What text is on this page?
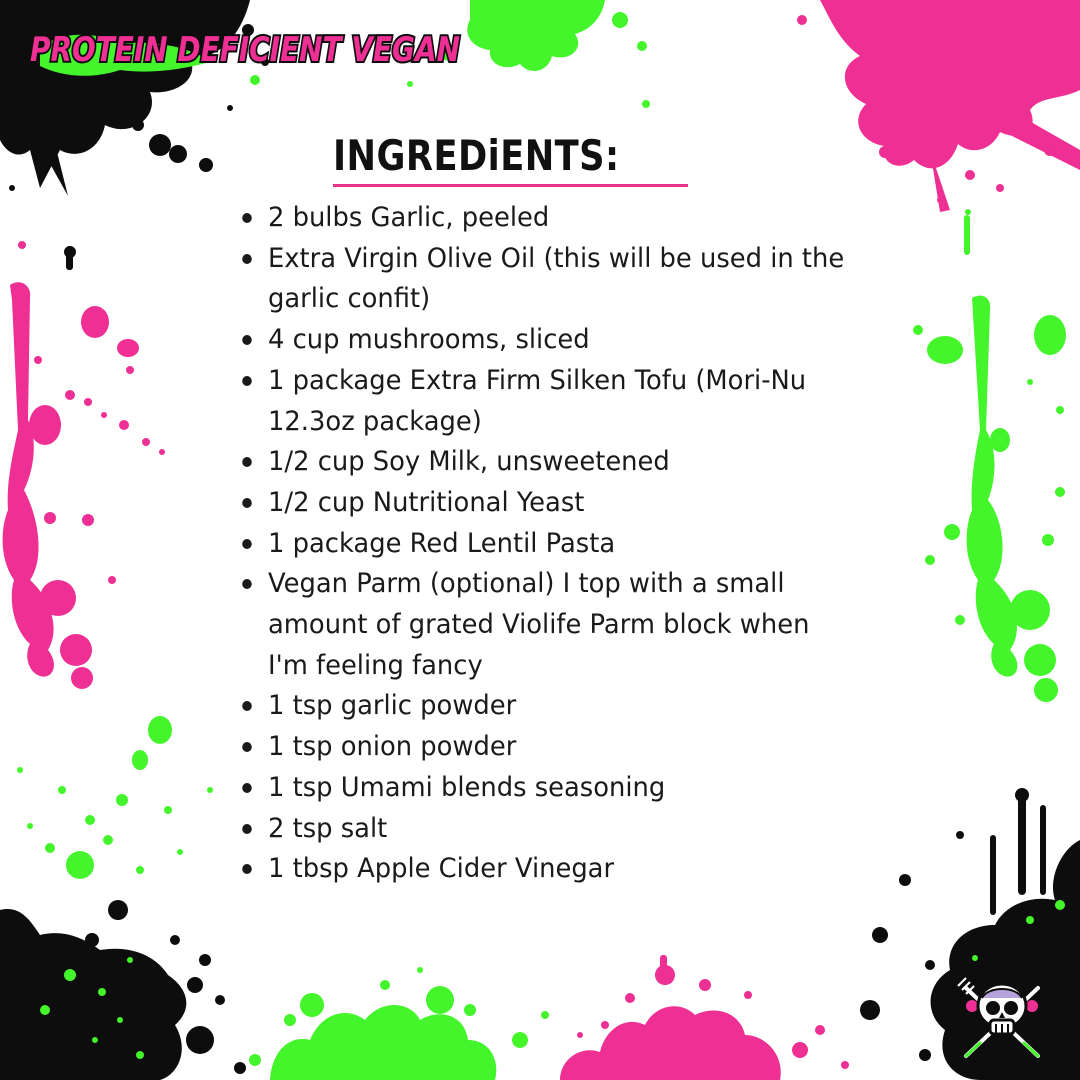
PROTEIN DEFICIENT VEGAN
INGREDiENTS:
2 bulbs Garlic, peeled
Extra Virgin Olive Oil (this will be used in the garlic confit)
4 cup mushrooms, sliced
1 package Extra Firm Silken Tofu (Mori-Nu 12.3oz package)
1/2 cup Soy Milk, unsweetened
1/2 cup Nutritional Yeast
1 package Red Lentil Pasta
Vegan Parm (optional) I top with a small amount of grated Violife Parm block when I'm feeling fancy
1 tsp garlic powder
1 tsp onion powder
1 tsp Umami blends seasoning
2 tsp salt
1 tbsp Apple Cider Vinegar
